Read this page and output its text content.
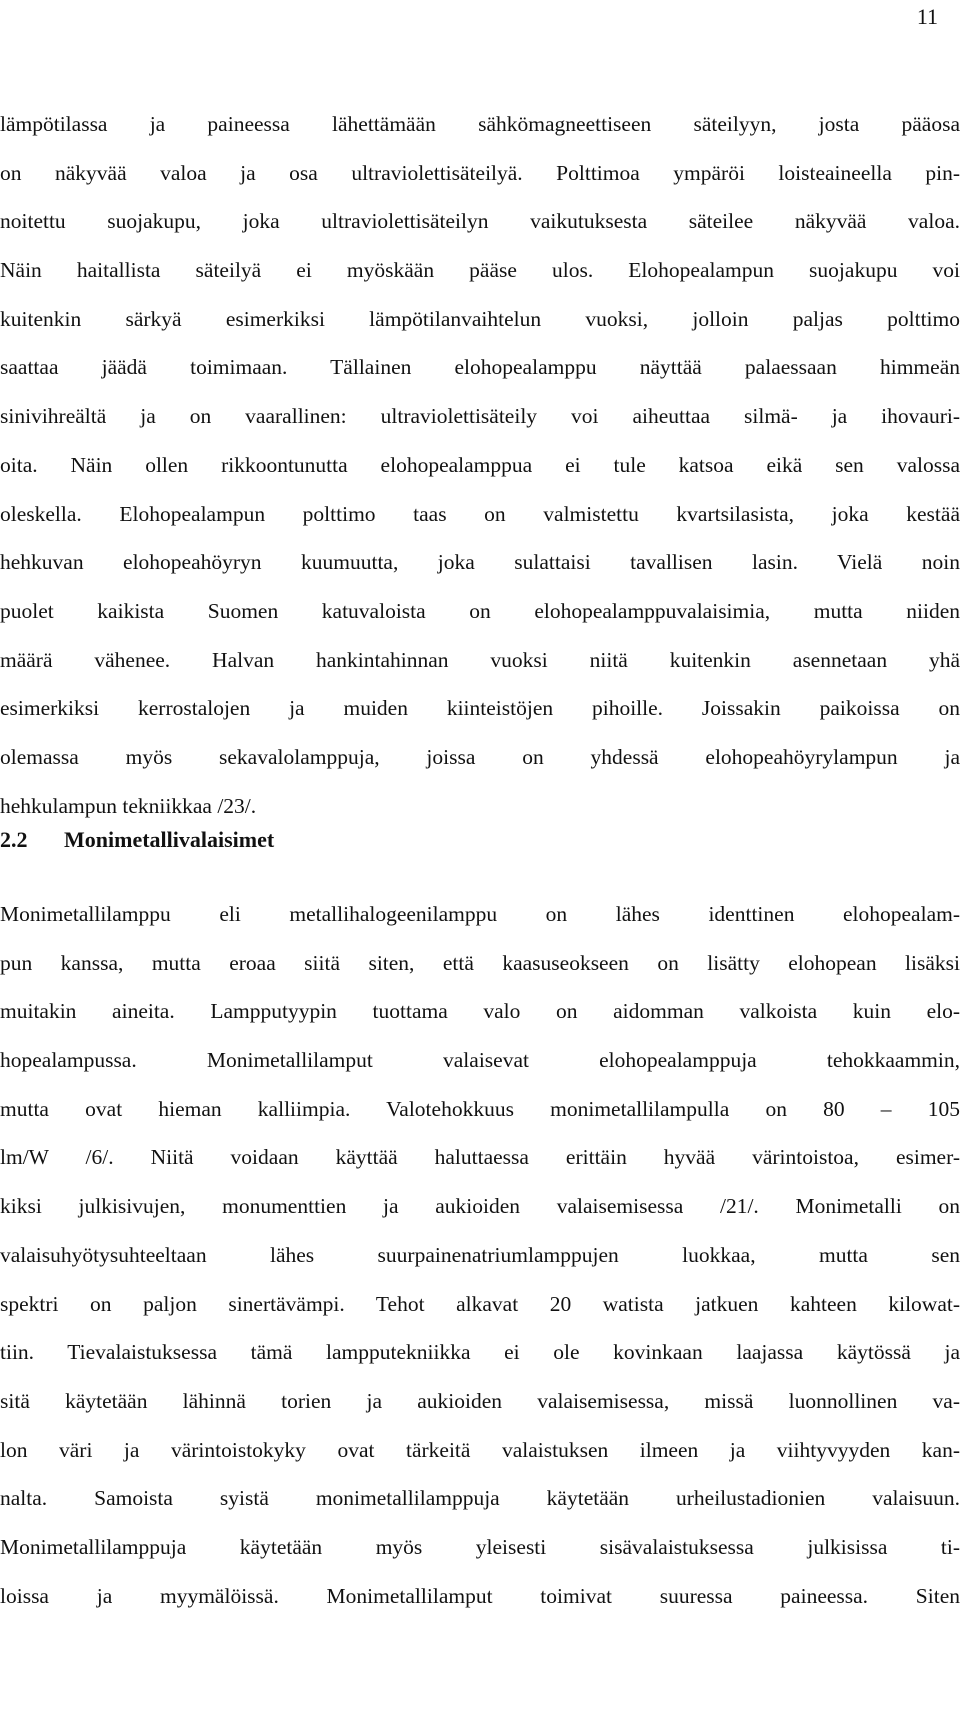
11
lämpötilassa ja paineessa lähettämään sähkömagneettiseen säteilyyn, josta pääosa
on näkyvää valoa ja osa ultraviolettisäteilyä. Polttimoa ympäröi loisteaineella pin-
noitettu suojakupu, joka ultraviolettisäteilyn vaikutuksesta säteilee näkyvää valoa.
Näin haitallista säteilyä ei myöskään pääse ulos. Elohopealampun suojakupu voi
kuitenkin särkyä esimerkiksi lämpötilanvaihtelun vuoksi, jolloin paljas polttimo
saattaa jäädä toimimaan. Tällainen elohopealamppu näyttää palaessaan himmeän
sinivihreältä ja on vaarallinen: ultraviolettisäteily voi aiheuttaa silmä- ja ihovauri-
oita. Näin ollen rikkoontunutta elohopealamppua ei tule katsoa eikä sen valossa
oleskella. Elohopealampun polttimo taas on valmistettu kvartsilasista, joka kestää
hehkuvan elohopeahöyryn kuumuutta, joka sulattaisi tavallisen lasin. Vielä noin
puolet kaikista Suomen katuvaloista on elohopealamppuvalaisimia, mutta niiden
määrä vähenee. Halvan hankintahinnan vuoksi niitä kuitenkin asennetaan yhä
esimerkiksi kerrostalojen ja muiden kiinteistöjen pihoille. Joissakin paikoissa on
olemassa myös sekavalolamppuja, joissa on yhdessä elohopeahöyrylampun ja
hehkulampun tekniikkaa /23/.
2.2 Monimetallivalaisimet
Monimetallilamppu eli metallihalogeenilamppu on lähes identtinen elohopealam-
pun kanssa, mutta eroaa siitä siten, että kaasuseokseen on lisätty elohopean lisäksi
muitakin aineita. Lampputyypin tuottama valo on aidomman valkoista kuin elo-
hopealampussa. Monimetallilamput valaisevat elohopealamppuja tehokkaammin,
mutta ovat hieman kalliimpia. Valotehokkuus monimetallilampulla on 80 – 105
lm/W /6/. Niitä voidaan käyttää haluttaessa erittäin hyvää värintoistoa, esimer-
kiksi julkisivujen, monumenttien ja aukioiden valaisemisessa /21/. Monimetalli on
valaisuhyötysuhteeltaan lähes suurpainenatriumlamppujen luokkaa, mutta sen
spektri on paljon sinertävämpi. Tehot alkavat 20 watista jatkuen kahteen kilowat-
tiin. Tievalaistuksessa tämä lampputekniikka ei ole kovinkaan laajassa käytössä ja
sitä käytetään lähinnä torien ja aukioiden valaisemisessa, missä luonnollinen va-
lon väri ja värintoistokyky ovat tärkeitä valaistuksen ilmeen ja viihtyvyyden kan-
nalta. Samoista syistä monimetallilamppuja käytetään urheilustadionien valaisuun.
Monimetallilamppuja käytetään myös yleisesti sisävalaistuksessa julkisissa ti-
loissa ja myymälöissä. Monimetallilamput toimivat suuressa paineessa. Siten
